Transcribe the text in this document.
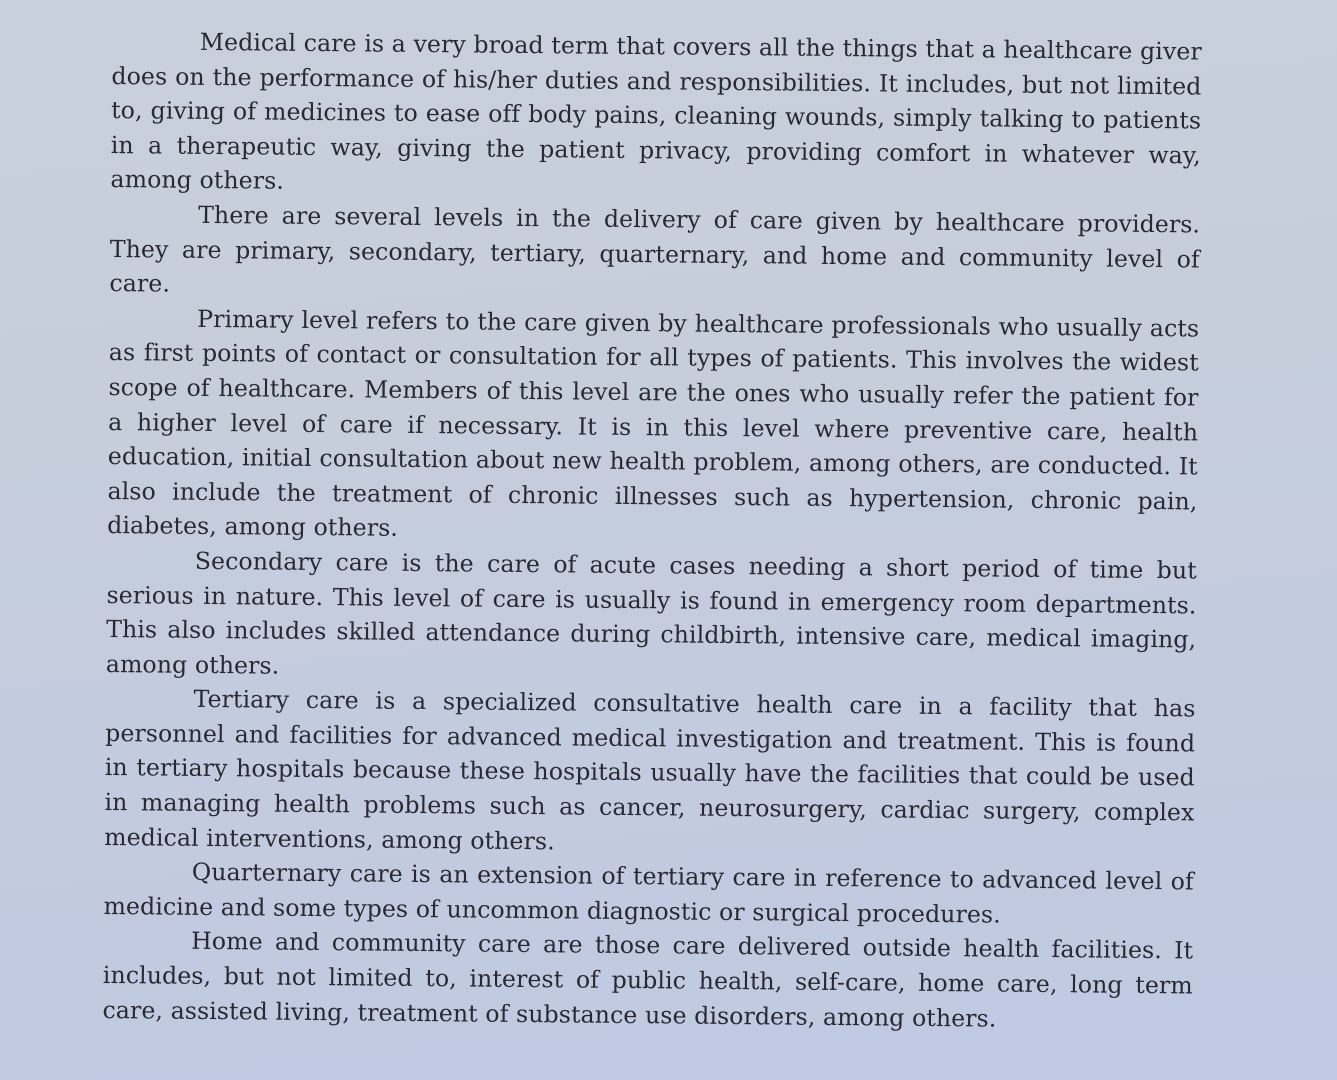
Medical care is a very broad term that covers all the things that a healthcare giver does on the performance of his/her duties and responsibilities. It includes, but not limited to, giving of medicines to ease off body pains, cleaning wounds, simply talking to patients in a therapeutic way, giving the patient privacy, providing comfort in whatever way, among others.

There are several levels in the delivery of care given by healthcare providers. They are primary, secondary, tertiary, quarternary, and home and community level of care.

Primary level refers to the care given by healthcare professionals who usually acts as first points of contact or consultation for all types of patients. This involves the widest scope of healthcare. Members of this level are the ones who usually refer the patient for a higher level of care if necessary. It is in this level where preventive care, health education, initial consultation about new health problem, among others, are conducted. It also include the treatment of chronic illnesses such as hypertension, chronic pain, diabetes, among others.

Secondary care is the care of acute cases needing a short period of time but serious in nature. This level of care is usually is found in emergency room departments. This also includes skilled attendance during childbirth, intensive care, medical imaging, among others.

Tertiary care is a specialized consultative health care in a facility that has personnel and facilities for advanced medical investigation and treatment. This is found in tertiary hospitals because these hospitals usually have the facilities that could be used in managing health problems such as cancer, neurosurgery, cardiac surgery, complex medical interventions, among others.

Quarternary care is an extension of tertiary care in reference to advanced level of medicine and some types of uncommon diagnostic or surgical procedures.

Home and community care are those care delivered outside health facilities. It includes, but not limited to, interest of public health, self-care, home care, long term care, assisted living, treatment of substance use disorders, among others.
